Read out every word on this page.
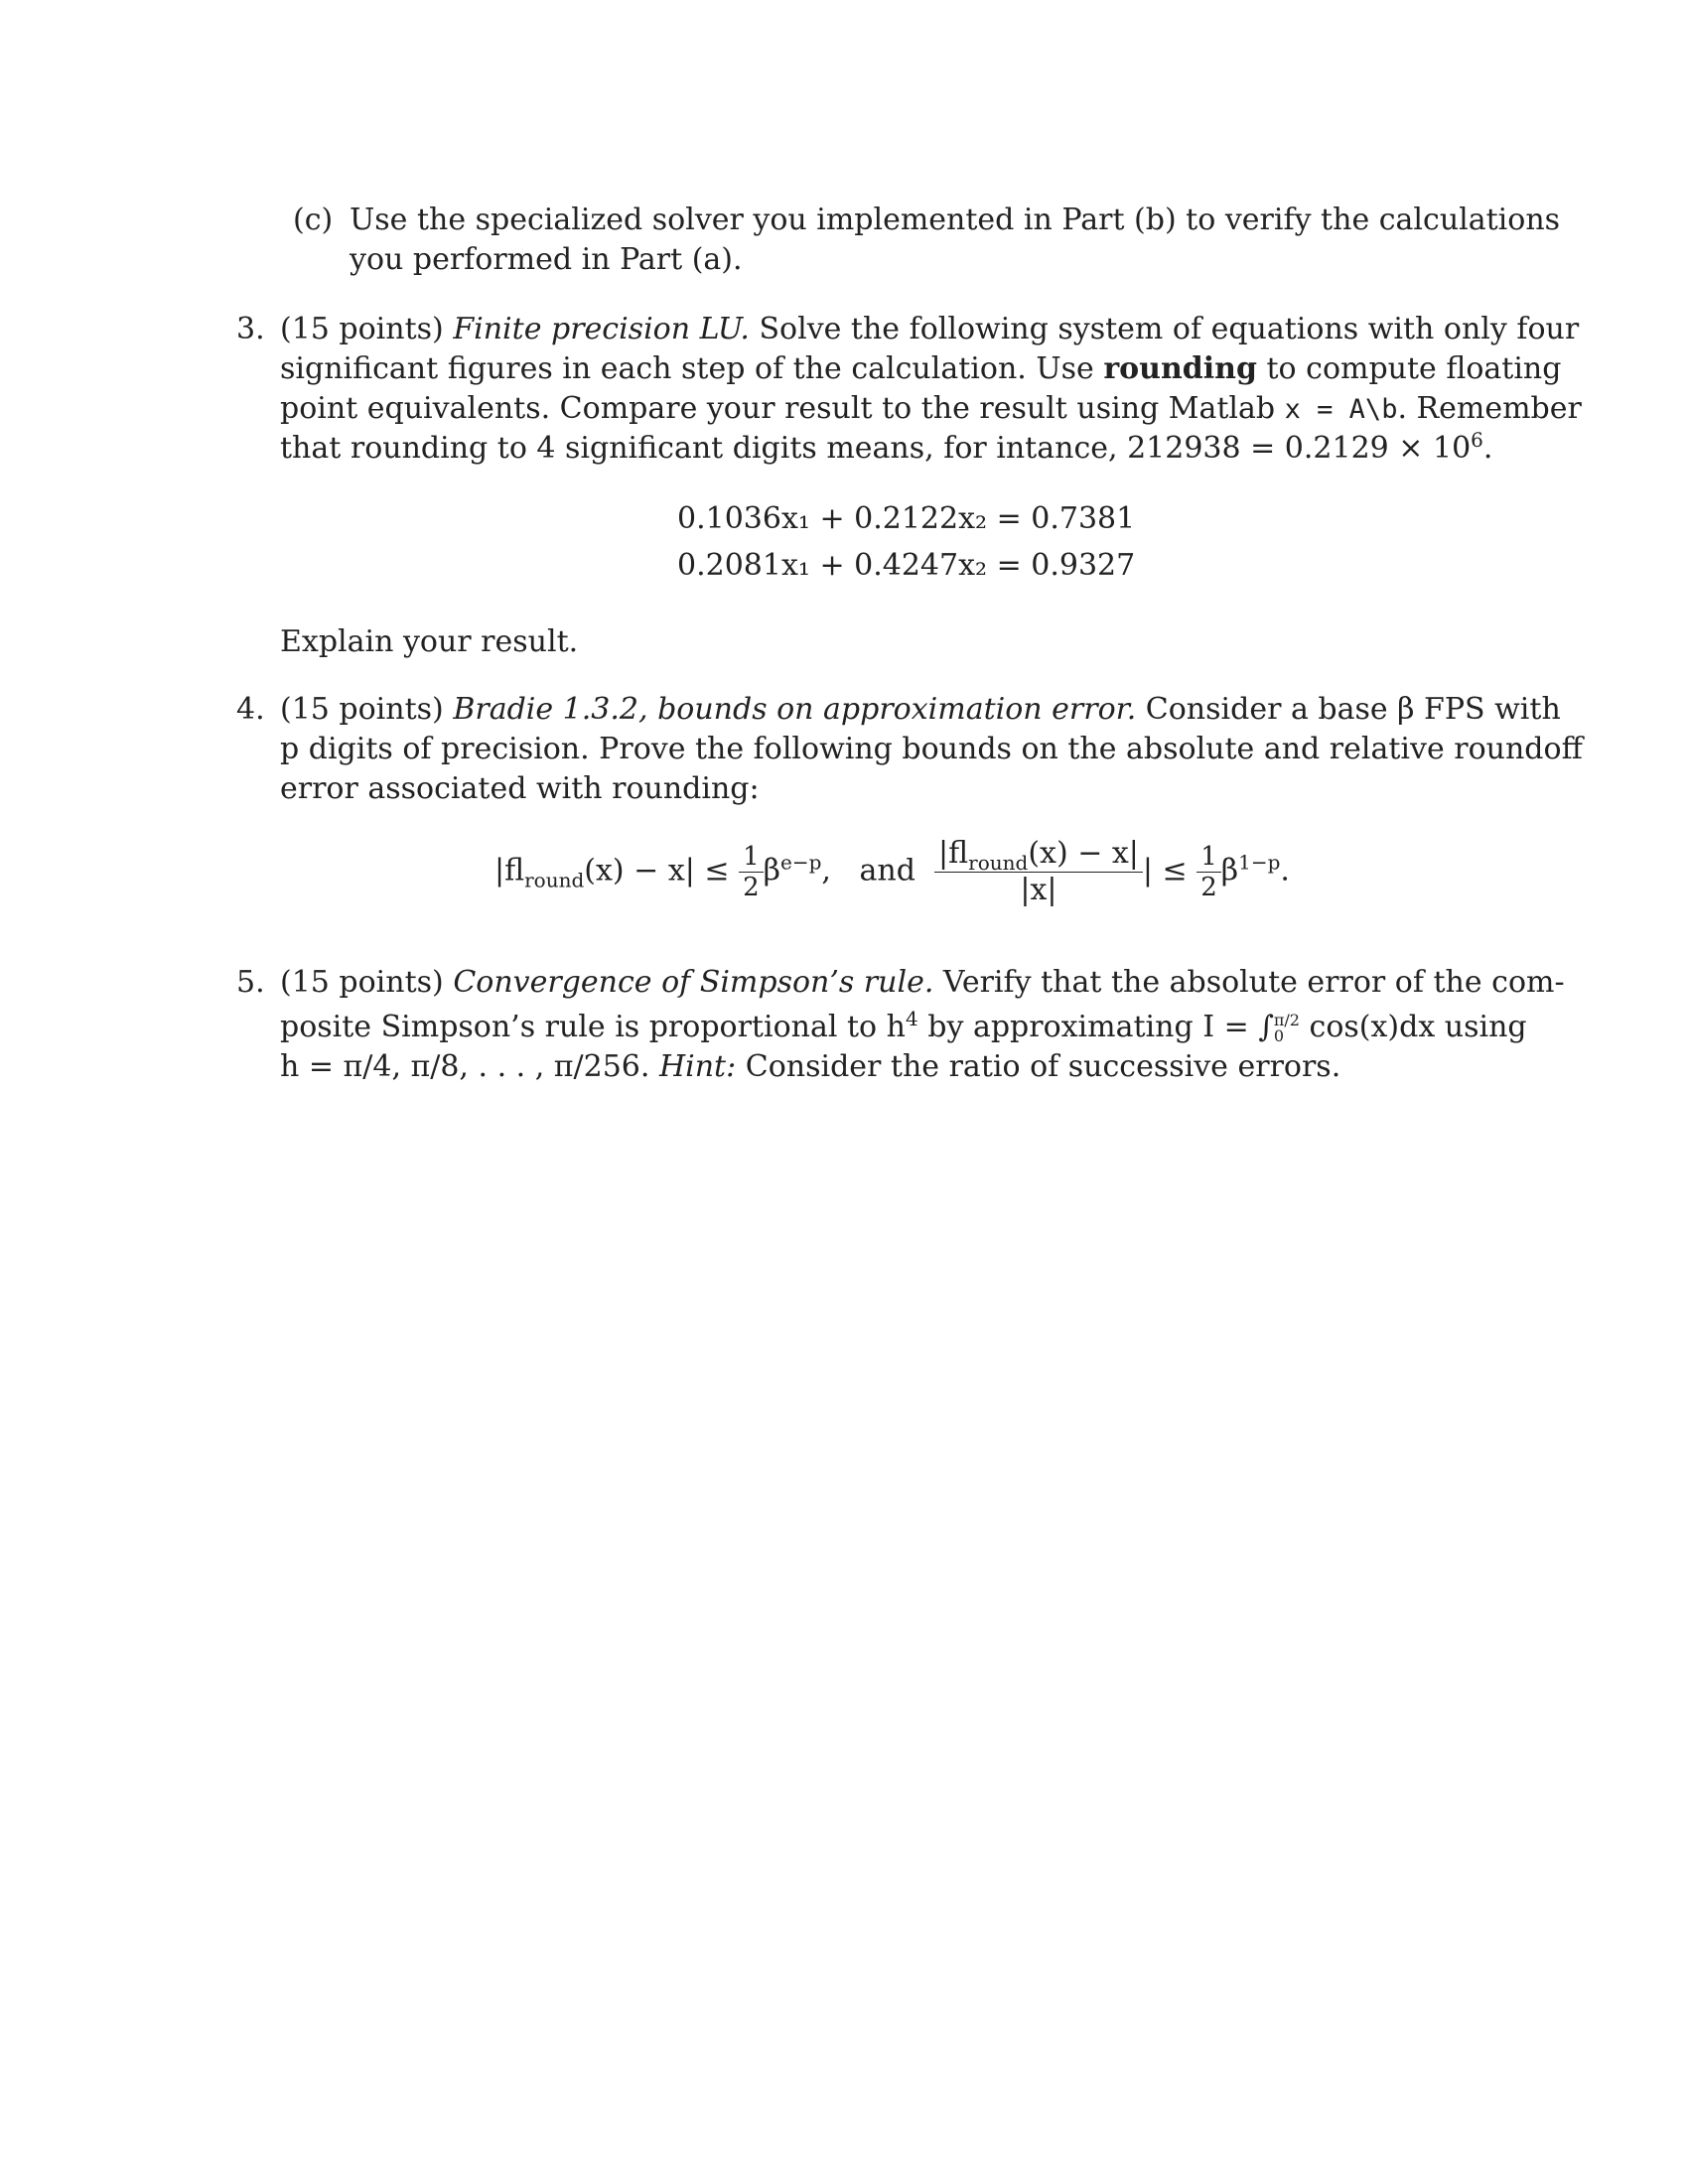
(c) Use the specialized solver you implemented in Part (b) to verify the calculations
you performed in Part (a).
3. (15 points) Finite precision LU. Solve the following system of equations with only four
significant figures in each step of the calculation. Use rounding to compute floating
point equivalents. Compare your result to the result using Matlab x = A\b. Remember
that rounding to 4 significant digits means, for intance, $212938 = 0.2129 \times 10^6$.
0.1036x₁ + 0.2122x₂ = 0.7381
0.2081x₁ + 0.4247x₂ = 0.9327
Explain your result.
4. (15 points) Bradie 1.3.2, bounds on approximation error. Consider a base β FPS with
p digits of precision. Prove the following bounds on the absolute and relative roundoff
error associated with rounding:
$|fl_{round}(x) - x| \le \frac{1}{2} \beta^{e-p}$, and $\frac{|fl_{round}(x) - x|}{|x|}$ | ≤ $\frac{1}{2} \beta^{1-p}$.
5. (15 points) Convergence of Simpson’s rule. Verify that the absolute error of the com-
posite Simpson’s rule is proportional to $h^4$ by approximating I = ∫ π/2
0 cos(x)dx using
h = π/4, π/8, . . . , π/256. Hint: Consider the ratio of successive errors.
